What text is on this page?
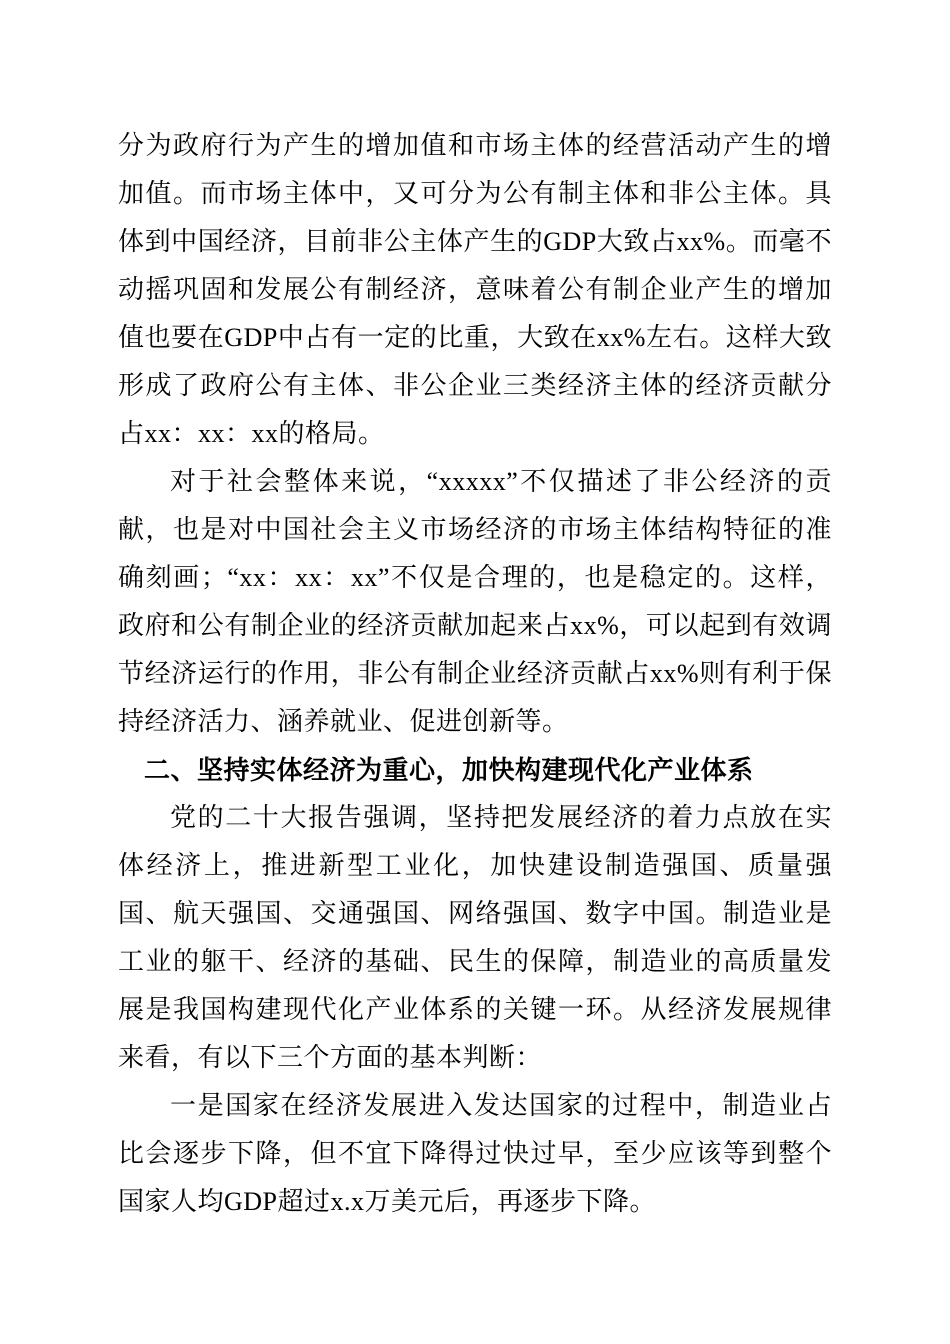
分为政府行为产生的增加值和市场主体的经营活动产生的增加值。而市场主体中，又可分为公有制主体和非公主体。具体到中国经济，目前非公主体产生的GDP大致占xx%。而毫不动摇巩固和发展公有制经济，意味着公有制企业产生的增加值也要在GDP中占有一定的比重，大致在xx%左右。这样大致形成了政府公有主体、非公企业三类经济主体的经济贡献分占xx：xx：xx的格局。

对于社会整体来说，“xxxxx”不仅描述了非公经济的贡献，也是对中国社会主义市场经济的市场主体结构特征的准确刻画；“xx：xx：xx”不仅是合理的，也是稳定的。这样，政府和公有制企业的经济贡献加起来占xx%，可以起到有效调节经济运行的作用，非公有制企业经济贡献占xx%则有利于保持经济活力、涵养就业、促进创新等。

二、坚持实体经济为重心，加快构建现代化产业体系

党的二十大报告强调，坚持把发展经济的着力点放在实体经济上，推进新型工业化，加快建设制造强国、质量强国、航天强国、交通强国、网络强国、数字中国。制造业是工业的躯干、经济的基础、民生的保障，制造业的高质量发展是我国构建现代化产业体系的关键一环。从经济发展规律来看，有以下三个方面的基本判断：

一是国家在经济发展进入发达国家的过程中，制造业占比会逐步下降，但不宜下降得过快过早，至少应该等到整个国家人均GDP超过x.x万美元后，再逐步下降。
